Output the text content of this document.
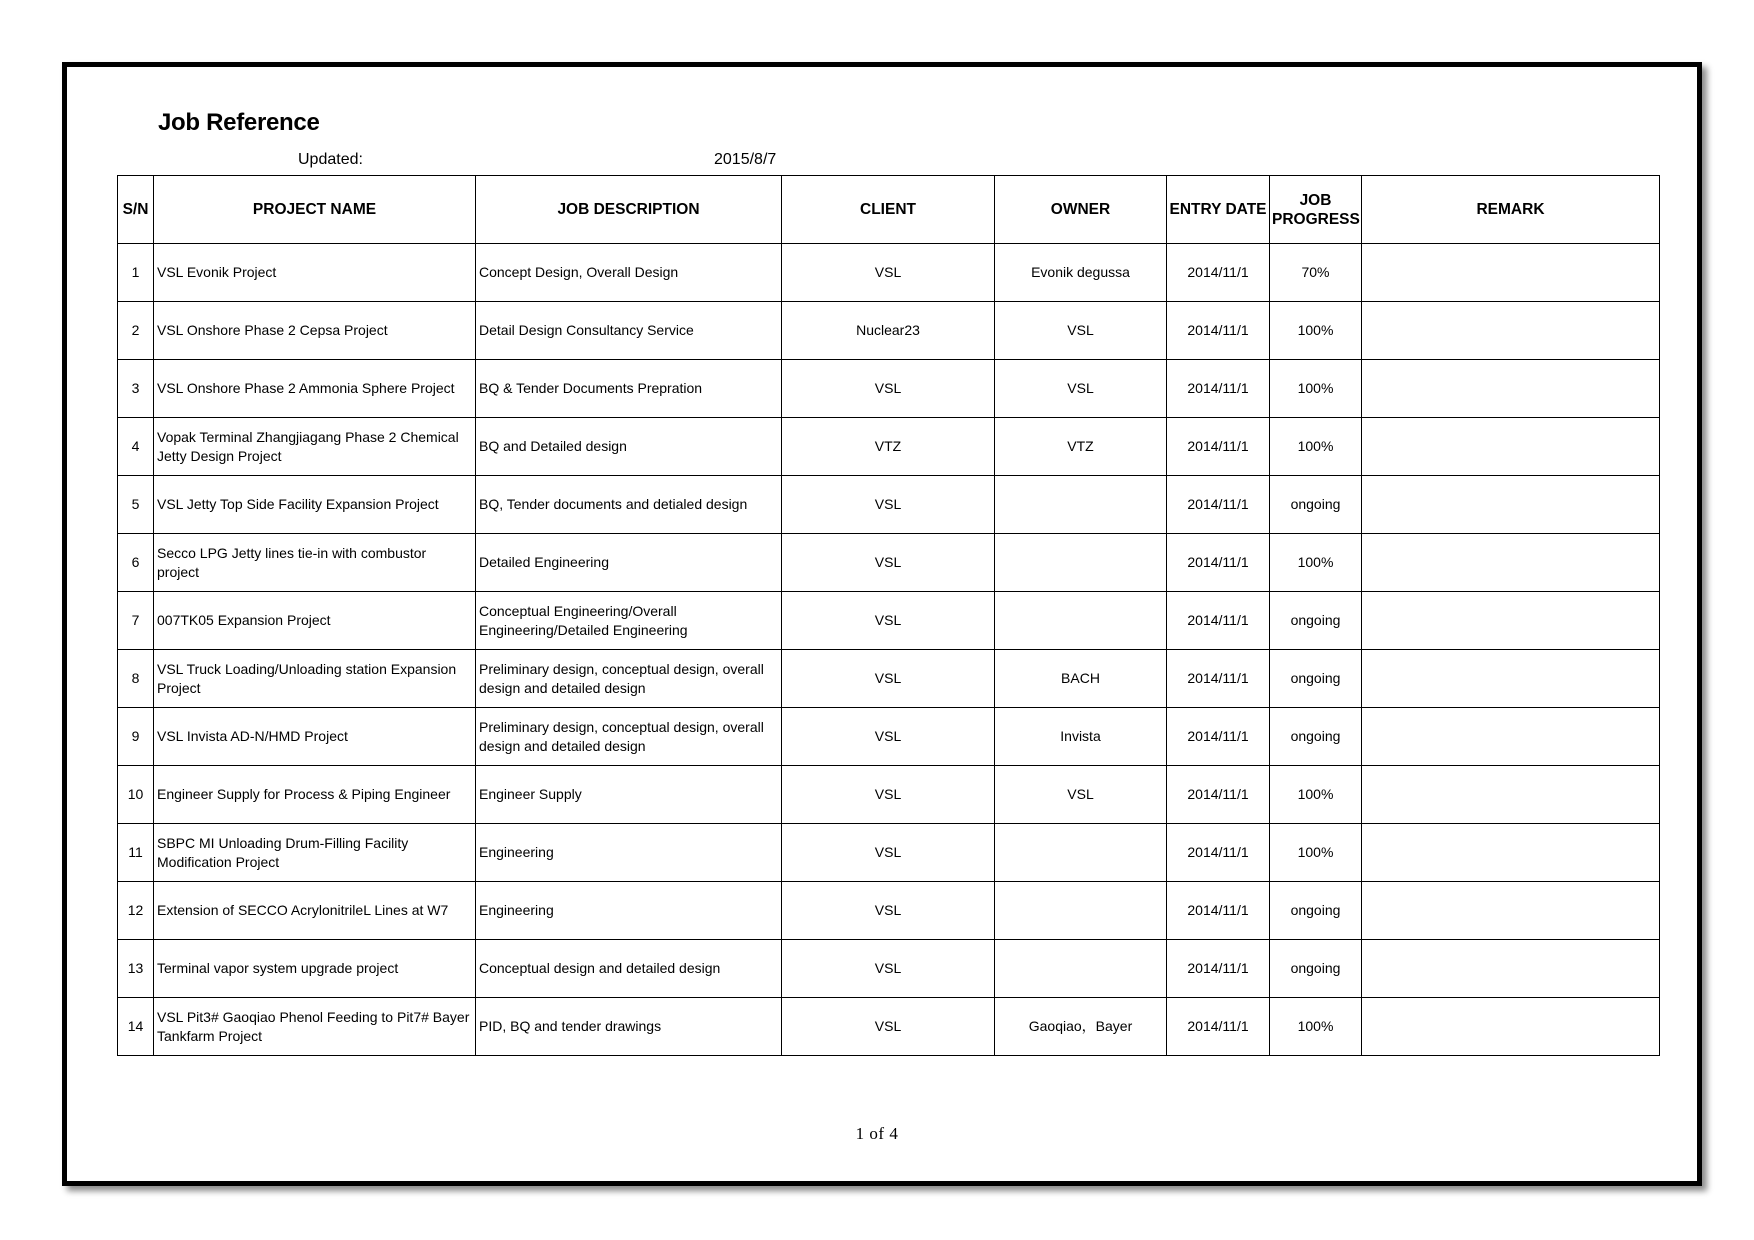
Job Reference
Updated:	2015/8/7
S/N	PROJECT NAME	JOB DESCRIPTION	CLIENT	OWNER	ENTRY DATE	JOB PROGRESS	REMARK
1	VSL Evonik Project	Concept Design, Overall Design	VSL	Evonik degussa	2014/11/1	70%	
2	VSL Onshore Phase 2 Cepsa Project	Detail Design Consultancy Service	Nuclear23	VSL	2014/11/1	100%	
3	VSL Onshore Phase 2 Ammonia Sphere Project	BQ & Tender Documents Prepration	VSL	VSL	2014/11/1	100%	
4	Vopak Terminal Zhangjiagang Phase 2 Chemical Jetty Design Project	BQ and Detailed design	VTZ	VTZ	2014/11/1	100%	
5	VSL Jetty Top Side Facility Expansion Project	BQ, Tender documents and detialed design	VSL		2014/11/1	ongoing	
6	Secco LPG Jetty lines tie-in with combustor project	Detailed Engineering	VSL		2014/11/1	100%	
7	007TK05 Expansion Project	Conceptual Engineering/Overall Engineering/Detailed Engineering	VSL		2014/11/1	ongoing	
8	VSL Truck Loading/Unloading station Expansion Project	Preliminary design, conceptual design, overall design and detailed design	VSL	BACH	2014/11/1	ongoing	
9	VSL Invista AD-N/HMD Project	Preliminary design, conceptual design, overall design and detailed design	VSL	Invista	2014/11/1	ongoing	
10	Engineer Supply for Process & Piping Engineer	Engineer Supply	VSL	VSL	2014/11/1	100%	
11	SBPC MI Unloading Drum-Filling Facility Modification Project	Engineering	VSL		2014/11/1	100%	
12	Extension of SECCO AcrylonitrileL Lines at W7	Engineering	VSL		2014/11/1	ongoing	
13	Terminal vapor system upgrade project	Conceptual design and detailed design	VSL		2014/11/1	ongoing	
14	VSL Pit3# Gaoqiao Phenol Feeding to Pit7# Bayer Tankfarm Project	PID, BQ and tender drawings	VSL	Gaoqiao，Bayer	2014/11/1	100%	
1 of 4
